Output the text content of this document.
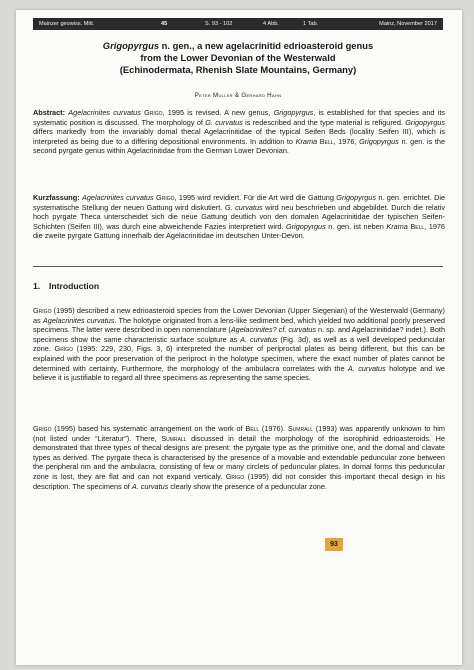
Mainzer geowiss. Mitt.	45	S. 93 - 102	4 Abb.	1 Tab.	Mainz, November 2017
Grigopyrgus n. gen., a new agelacrinitid edrioasteroid genus
from the Lower Devonian of the Westerwald
(Echinodermata, Rhenish Slate Mountains, Germany)
Peter Müller & Gerhard Hahn
Abstract: Agelacrinites curvatus Grigo, 1995 is revised. A new genus, Grigopyrgus, is established for that species and its systematic position is discussed. The morphology of G. curvatus is redescribed and the type material is refigured. Grigopyrgus differs markedly from the invariably domal thecal Agelacrinitidae of the typical Seifen Beds (locality Seifen III), which is interpreted as being due to a differing depositional environments. In addition to Krama Bell, 1976, Grigopyrgus n. gen. is the second pyrgate genus within Agelacrinitidae from the German Lower Devonian.
Kurzfassung: Agelacrinites curvatus Grigo, 1995 wird revidiert. Für die Art wird die Gattung Grigopyrgus n. gen. errichtet. Die systematische Stellung der neuen Gattung wird diskutiert. G. curvatus wird neu beschrieben und abgebildet. Durch die relativ hoch pyrgate Theca unterscheidet sich die neue Gattung deutlich von den domalen Agelacrinitidae der typischen Seifen-Schichten (Seifen III), was durch eine abweichende Fazies interpretiert wird. Grigopyrgus n. gen. ist neben Krama Bell, 1976 die zweite pyrgate Gattung innerhalb der Agelacrinitidae im deutschen Unter-Devon.
1. Introduction
Grigo (1995) described a new edrioasteroid species from the Lower Devonian (Upper Siegenian) of the Westerwald (Germany) as Agelacrinites curvatus. The holotype originated from a lens-like sediment bed, which yielded two additional poorly preserved specimens. The latter were described in open nomenclature (Agelacrinites? cf. curvatus n. sp. and Agelacrinitidae? indet.). Both specimens show the same characteristic surface sculpture as A. curvatus (Fig. 3d), as well as a well developed peduncular zone. Grigo (1995: 229, 230, Figs. 3, 6) interpreted the number of periproctal plates as being different, but this can be explained with the poor preservation of the periproct in the holotype specimen, where the exact number of plates cannot be determined with certainty. Furthermore, the morphology of the ambulacra correlates with the A. curvatus holotype and we believe it is justifiable to regard all three specimens as representing the same species.
Grigo (1995) based his systematic arrangement on the work of Bell (1976). Sumrall (1993) was apparently unknown to him (not listed under “Literatur”). There, Sumrall discussed in detail the morphology of the isorophinid edrioasteroids. He demonstrated that three types of thecal designs are present: the pyrgate type as the primitive one, and the domal and clavate types as derived. The pyrgate theca is characterised by the presence of a movable and extendable peduncular zone between the peripheral rim and the ambulacra, consisting of few or many circlets of peduncular plates. In domal forms this peduncular zone is lost, they are flat and can not expand verticaly. Grigo (1995) did not consider this important thecal design in his description. The specimens of A. curvatus clearly show the presence of a peduncular zone.
93
